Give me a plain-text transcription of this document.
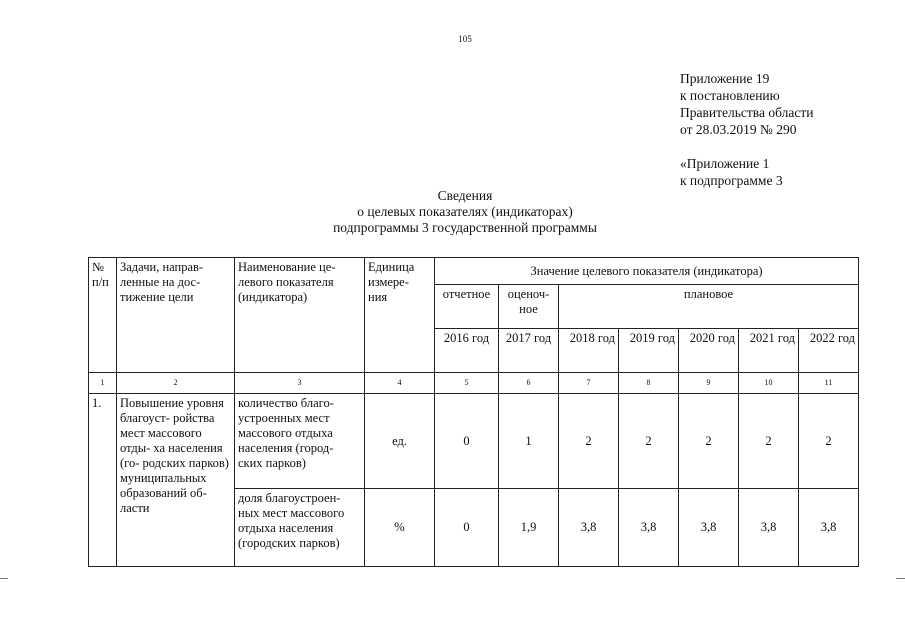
105
Приложение 19
к постановлению
Правительства области
от 28.03.2019 № 290
«Приложение 1
к подпрограмме 3
Сведения
о целевых показателях (индикаторах)
подпрограммы 3 государственной программы
№ п/п	Задачи, направ- ленные на дос- тижение цели	Наименование це- левого показателя (индикатора)	Единица измере- ния	Значение целевого показателя (индикатора)						
				отчетное	оценоч- ное	плановое				
				2016 год	2017 год	2018 год	2019 год	2020 год	2021 год	2022 год
1	2	3	4	5	6	7	8	9	10	11
1.	Повышение уровня благоуст- ройства мест массового отды- ха населения (го- родских парков) муниципальных образований об- ласти	количество благо- устроенных мест массового отдыха населения (город- ских парков)	ед.	0	1	2	2	2	2	2
		доля благоустроен- ных мест массового отдыха населения (городских парков)	%	0	1,9	3,8	3,8	3,8	3,8	3,8
